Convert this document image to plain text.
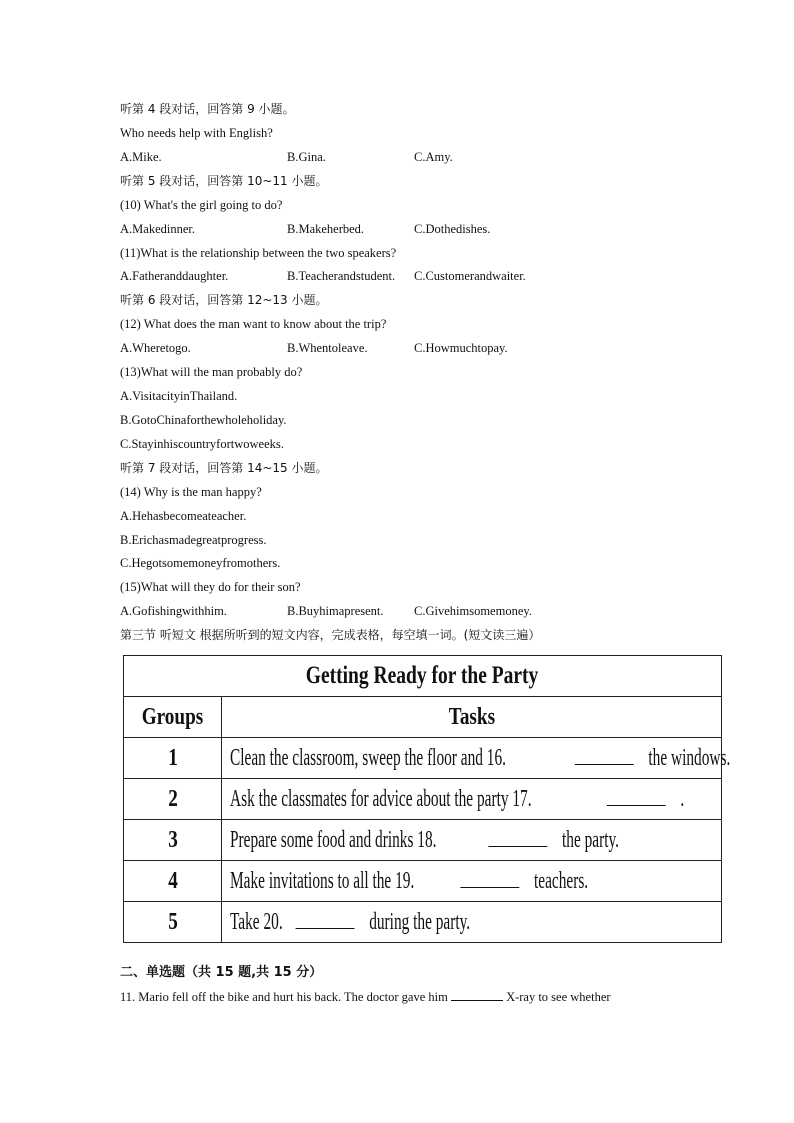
听第 4 段对话，回答第 9 小题。
Who needs help with English?
A.Mike.	B.Gina.	C.Amy.
听第 5 段对话，回答第 10~11 小题。
(10) What's the girl going to do?
A.Makedinner.	B.Makeherbed.	C.Dothedishes.
(11)What is the relationship between the two speakers?
A.Fatheranddaughter.	B.Teacherandstudent. C.Customerandwaiter.
听第 6 段对话，回答第 12~13 小题。
(12) What does the man want to know about the trip?
A.Wheretogo.	B.Whentoleave.	C.Howmuchtopay.
(13)What will the man probably do?
A.VisitacityinThailand.
B.GotoChinaforthewholeholiday.
C.Stayinhiscountryfortwoweeks.
听第 7 段对话，回答第 14~15 小题。
(14) Why is the man happy?
A.Hehasbecomeateacher.
B.Erichasmadegreatprogress.
C.Hegotsomemoneyfromothers.
(15)What will they do for their son?
A.Gofishingwithhim.	B.Buyhimapresent. C.Givehimsomemoney.
第三节 听短文 根据所听到的短文内容，完成表格，每空填一词。(短文读三遍）
Getting Ready for the Party	
Groups	Tasks
1	Clean the classroom, sweep the floor and 16. the windows.
2	Ask the classmates for advice about the party 17. .
3	Prepare some food and drinks 18. the party.
4	Make invitations to all the 19. teachers.
5	Take 20. during the party.
二、单选题（共 15 题,共 15 分）
11. Mario fell off the bike and hurt his back. The doctor gave him	X-ray to see whether
